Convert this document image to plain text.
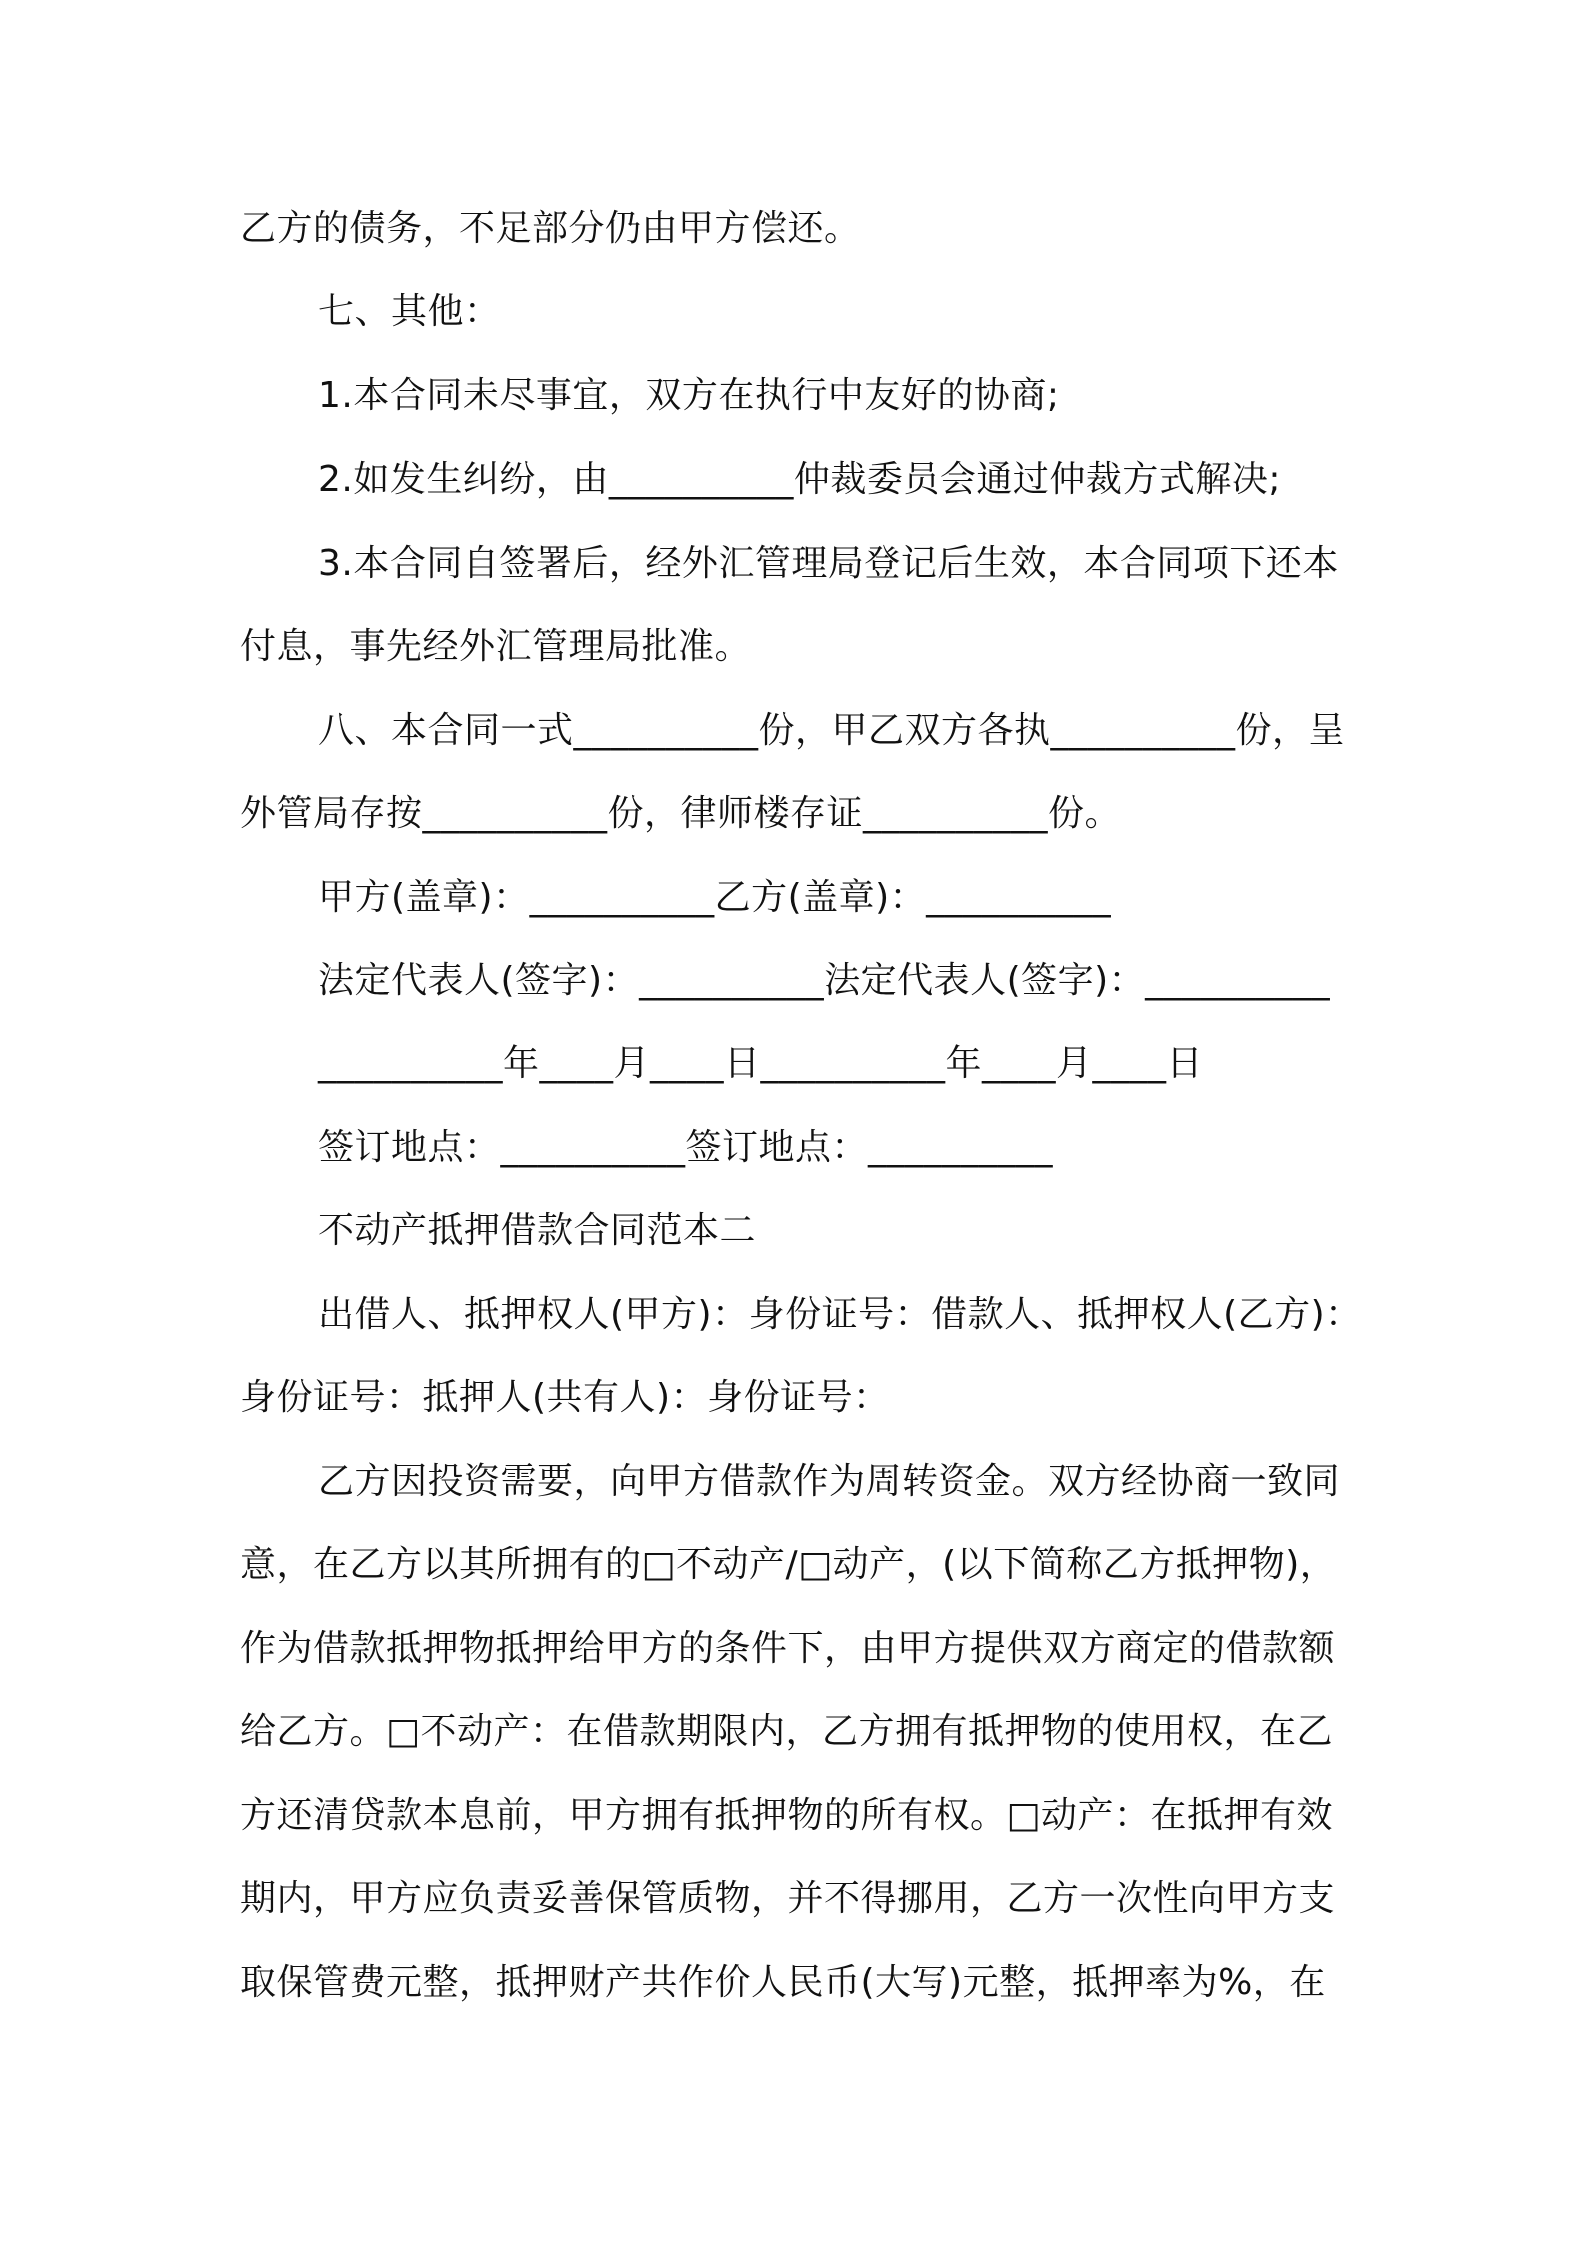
乙方的债务，不足部分仍由甲方偿还。
七、其他：
1.本合同未尽事宜，双方在执行中友好的协商;
2.如发生纠纷，由__________仲裁委员会通过仲裁方式解决;
3.本合同自签署后，经外汇管理局登记后生效，本合同项下还本
付息，事先经外汇管理局批准。
八、本合同一式__________份，甲乙双方各执__________份，呈
外管局存按__________份，律师楼存证__________份。
甲方(盖章)：__________乙方(盖章)：__________
法定代表人(签字)：__________法定代表人(签字)：__________
__________年____月____日__________年____月____日
签订地点：__________签订地点：__________
不动产抵押借款合同范本二
出借人、抵押权人(甲方)：身份证号：借款人、抵押权人(乙方)：
身份证号：抵押人(共有人)：身份证号：
乙方因投资需要，向甲方借款作为周转资金。双方经协商一致同
意，在乙方以其所拥有的□不动产/□动产，(以下简称乙方抵押物)，
作为借款抵押物抵押给甲方的条件下，由甲方提供双方商定的借款额
给乙方。□不动产：在借款期限内，乙方拥有抵押物的使用权，在乙
方还清贷款本息前，甲方拥有抵押物的所有权。□动产：在抵押有效
期内，甲方应负责妥善保管质物，并不得挪用，乙方一次性向甲方支
取保管费元整，抵押财产共作价人民币(大写)元整，抵押率为%，在
